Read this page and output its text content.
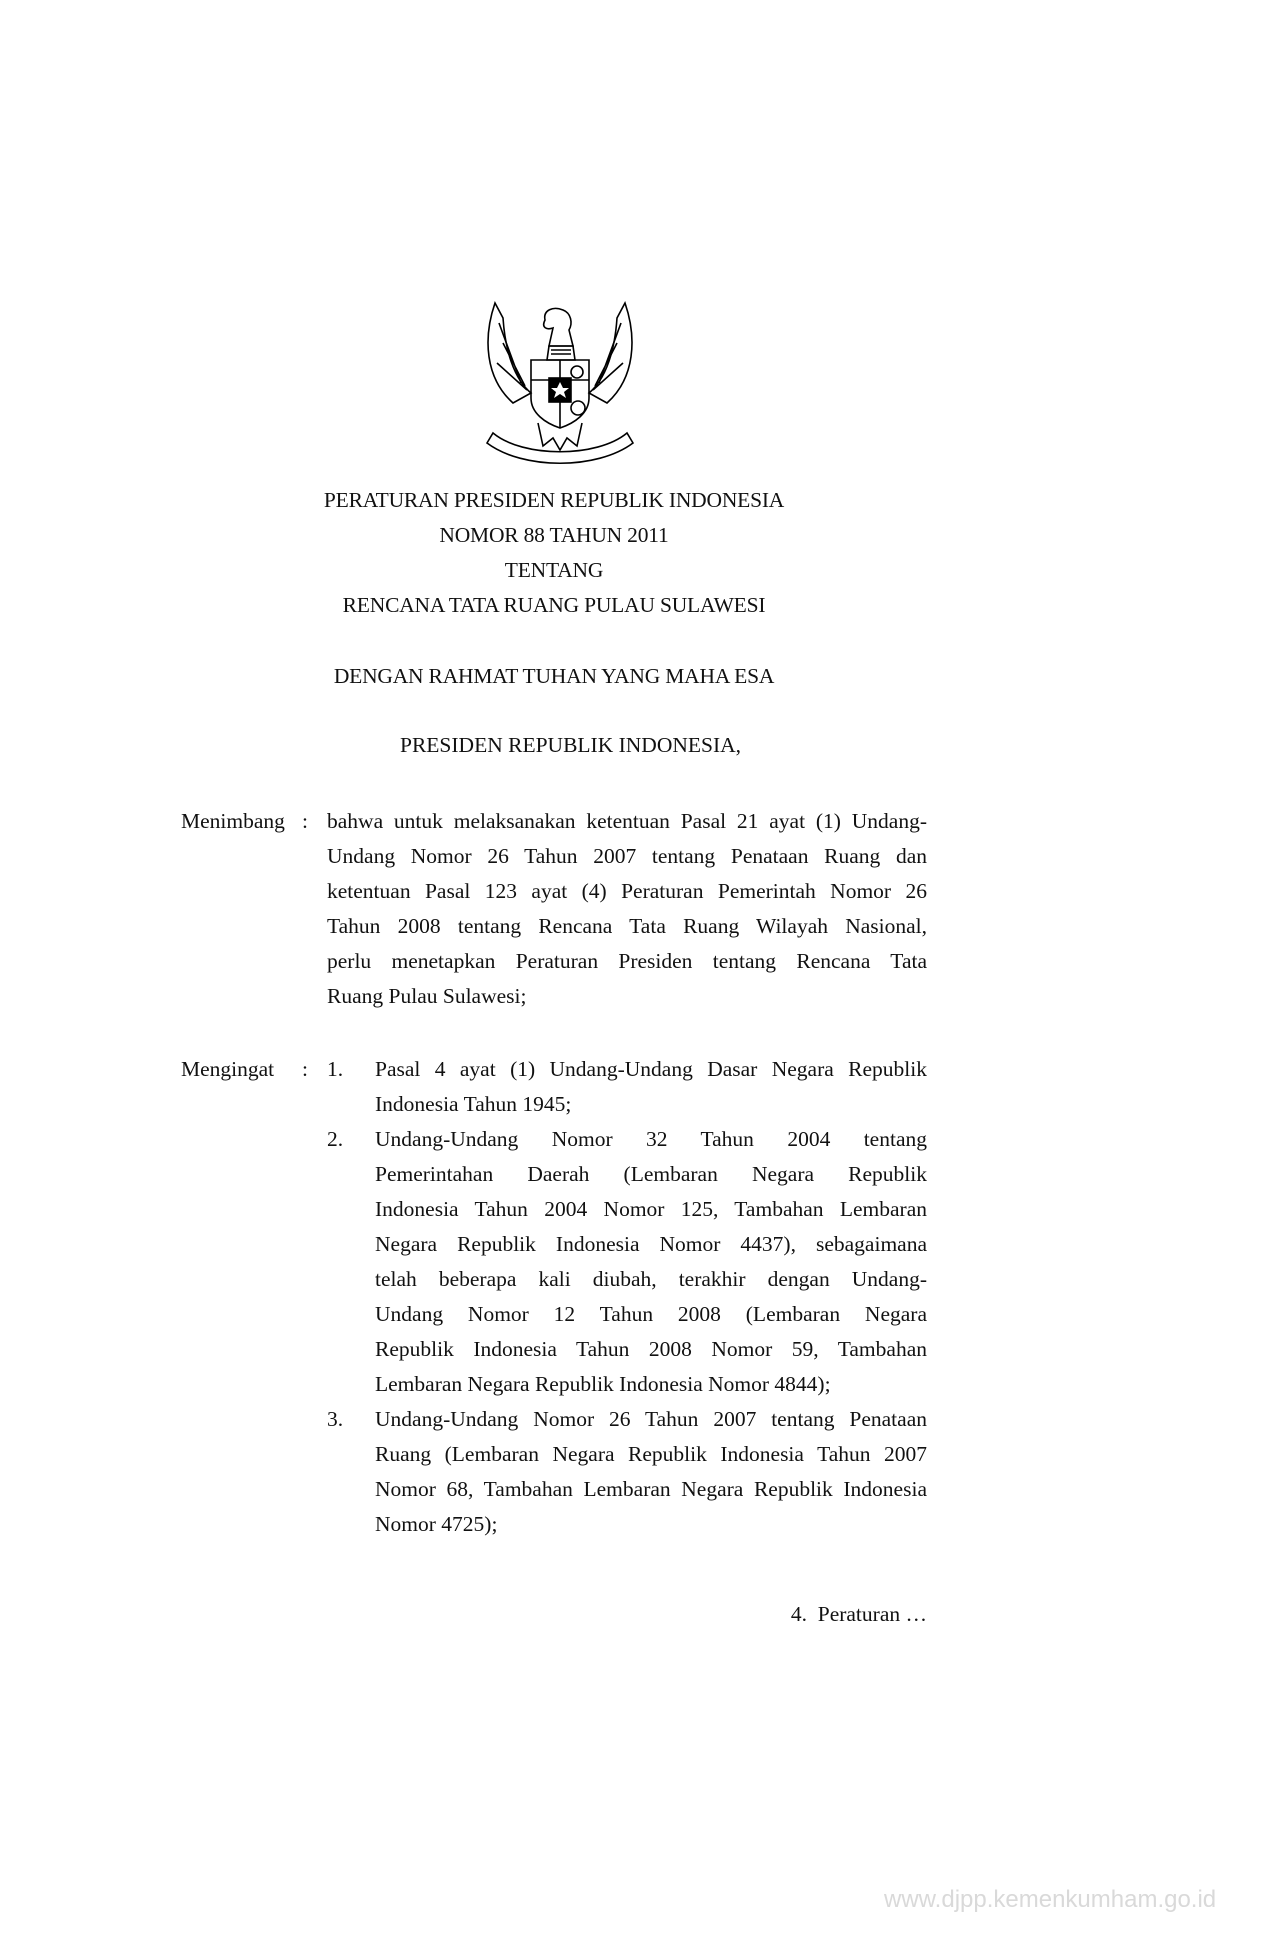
PERATURAN PRESIDEN REPUBLIK INDONESIA
NOMOR 88 TAHUN 2011
TENTANG
RENCANA TATA RUANG PULAU SULAWESI
DENGAN RAHMAT TUHAN YANG MAHA ESA
PRESIDEN REPUBLIK INDONESIA,
Menimbang : bahwa untuk melaksanakan ketentuan Pasal 21 ayat (1) Undang-
Undang Nomor 26 Tahun 2007 tentang Penataan Ruang dan
ketentuan Pasal 123 ayat (4) Peraturan Pemerintah Nomor 26
Tahun 2008 tentang Rencana Tata Ruang Wilayah Nasional,
perlu menetapkan Peraturan Presiden tentang Rencana Tata
Ruang Pulau Sulawesi;
Mengingat : 1. Pasal 4 ayat (1) Undang-Undang Dasar Negara Republik
Indonesia Tahun 1945;
2. Undang-Undang Nomor 32 Tahun 2004 tentang
Pemerintahan Daerah (Lembaran Negara Republik
Indonesia Tahun 2004 Nomor 125, Tambahan Lembaran
Negara Republik Indonesia Nomor 4437), sebagaimana
telah beberapa kali diubah, terakhir dengan Undang-
Undang Nomor 12 Tahun 2008 (Lembaran Negara
Republik Indonesia Tahun 2008 Nomor 59, Tambahan
Lembaran Negara Republik Indonesia Nomor 4844);
3. Undang-Undang Nomor 26 Tahun 2007 tentang Penataan
Ruang (Lembaran Negara Republik Indonesia Tahun 2007
Nomor 68, Tambahan Lembaran Negara Republik Indonesia
Nomor 4725);
4.  Peraturan …
www.djpp.kemenkumham.go.id
